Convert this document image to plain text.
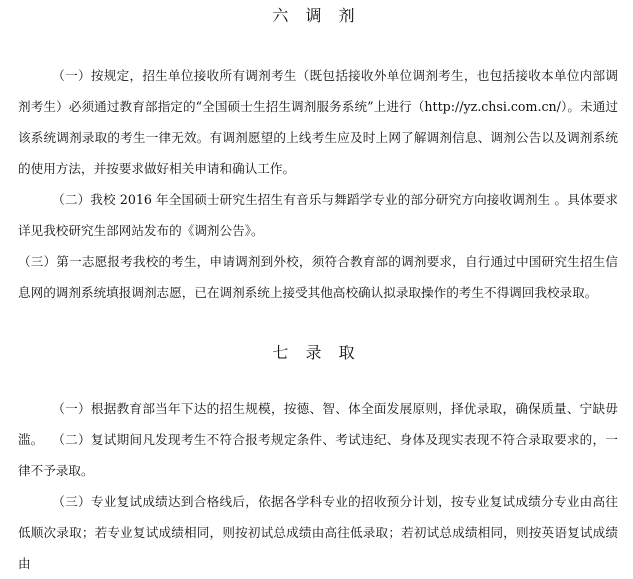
六 调 剂

（一）按规定，招生单位接收所有调剂考生（既包括接收外单位调剂考生，也包括接收本单位内部调剂考生）必须通过教育部指定的“全国硕士生招生调剂服务系统”上进行（http://yz.chsi.com.cn/）。未通过该系统调剂录取的考生一律无效。有调剂愿望的上线考生应及时上网了解调剂信息、调剂公告以及调剂系统的使用方法，并按要求做好相关申请和确认工作。

（二）我校 2016 年全国硕士研究生招生有音乐与舞蹈学专业的部分研究方向接收调剂生 。具体要求详见我校研究生部网站发布的《调剂公告》。

（三）第一志愿报考我校的考生，申请调剂到外校，须符合教育部的调剂要求，自行通过中国研究生招生信息网的调剂系统填报调剂志愿，已在调剂系统上接受其他高校确认拟录取操作的考生不得调回我校录取。

七 录 取

（一）根据教育部当年下达的招生规模，按德、智、体全面发展原则，择优录取，确保质量、宁缺毋滥。 （二）复试期间凡发现考生不符合报考规定条件、考试违纪、身体及现实表现不符合录取要求的，一律不予录取。

（三）专业复试成绩达到合格线后，依据各学科专业的招收预分计划，按专业复试成绩分专业由高往低顺次录取；若专业复试成绩相同，则按初试总成绩由高往低录取；若初试总成绩相同，则按英语复试成绩由
